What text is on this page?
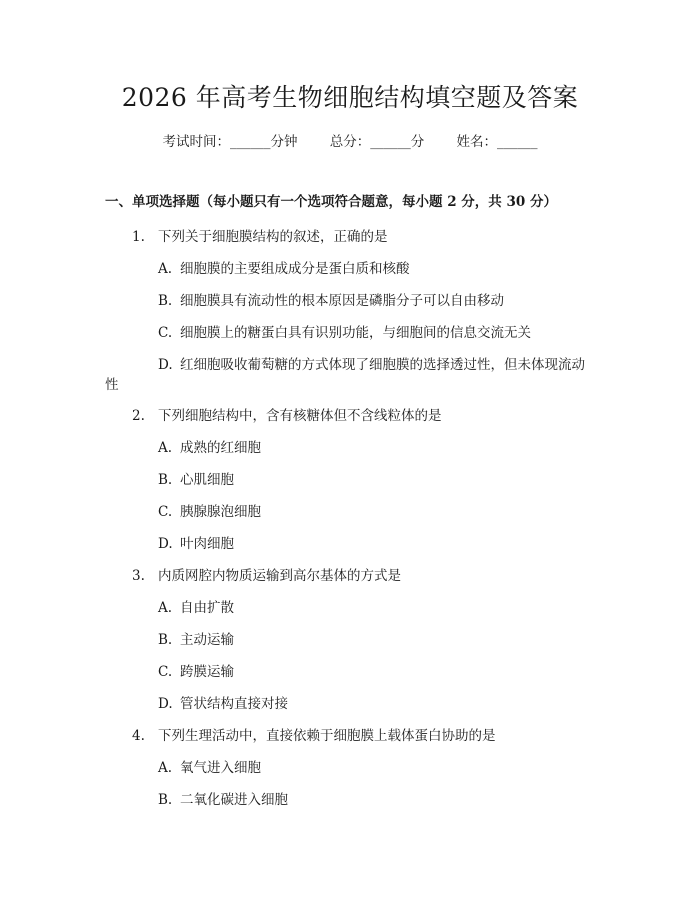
2026 年高考生物细胞结构填空题及答案
考试时间：______分钟 总分：______分 姓名：______
一、单项选择题（每小题只有一个选项符合题意，每小题 2 分，共 30 分）
1. 下列关于细胞膜结构的叙述，正确的是
A. 细胞膜的主要组成成分是蛋白质和核酸
B. 细胞膜具有流动性的根本原因是磷脂分子可以自由移动
C. 细胞膜上的糖蛋白具有识别功能，与细胞间的信息交流无关
D. 红细胞吸收葡萄糖的方式体现了细胞膜的选择透过性，但未体现流动
性
2. 下列细胞结构中，含有核糖体但不含线粒体的是
A. 成熟的红细胞
B. 心肌细胞
C. 胰腺腺泡细胞
D. 叶肉细胞
3. 内质网腔内物质运输到高尔基体的方式是
A. 自由扩散
B. 主动运输
C. 跨膜运输
D. 管状结构直接对接
4. 下列生理活动中，直接依赖于细胞膜上载体蛋白协助的是
A. 氧气进入细胞
B. 二氧化碳进入细胞
